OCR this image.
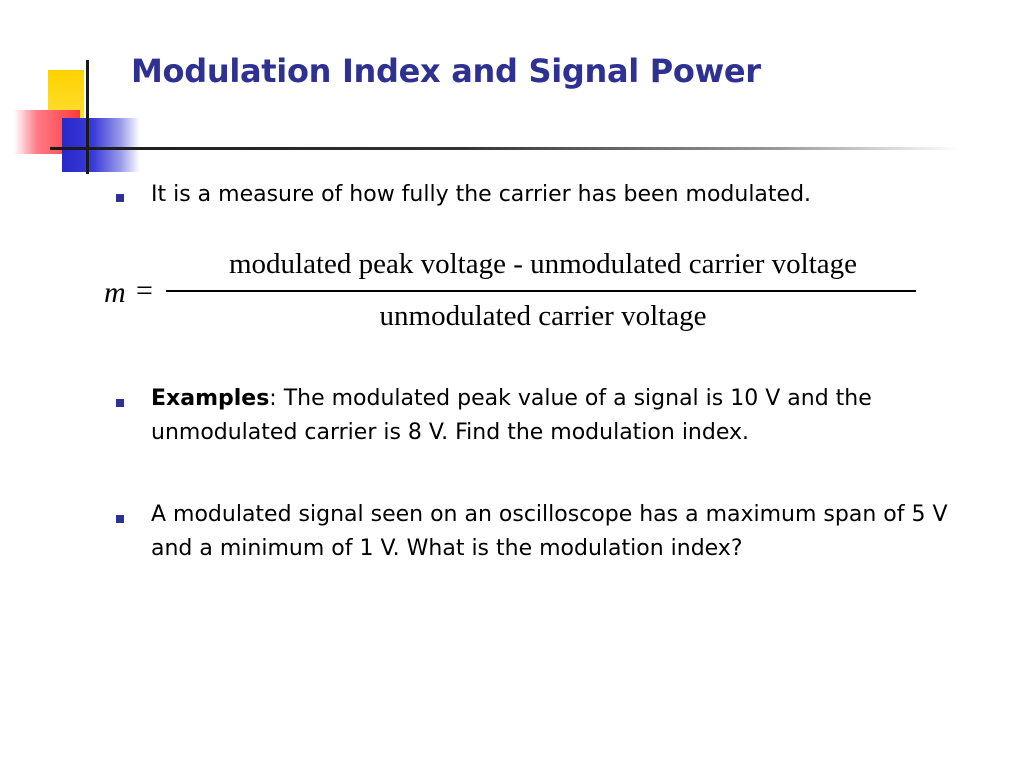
Modulation Index and Signal Power
It is a measure of how fully the carrier has been modulated.
m =
modulated peak voltage - unmodulated carrier voltage
unmodulated carrier voltage
Examples: The modulated peak value of a signal is 10 V and the unmodulated carrier is 8 V. Find the modulation index.
A modulated signal seen on an oscilloscope has a maximum span of 5 V and a minimum of 1 V. What is the modulation index?
